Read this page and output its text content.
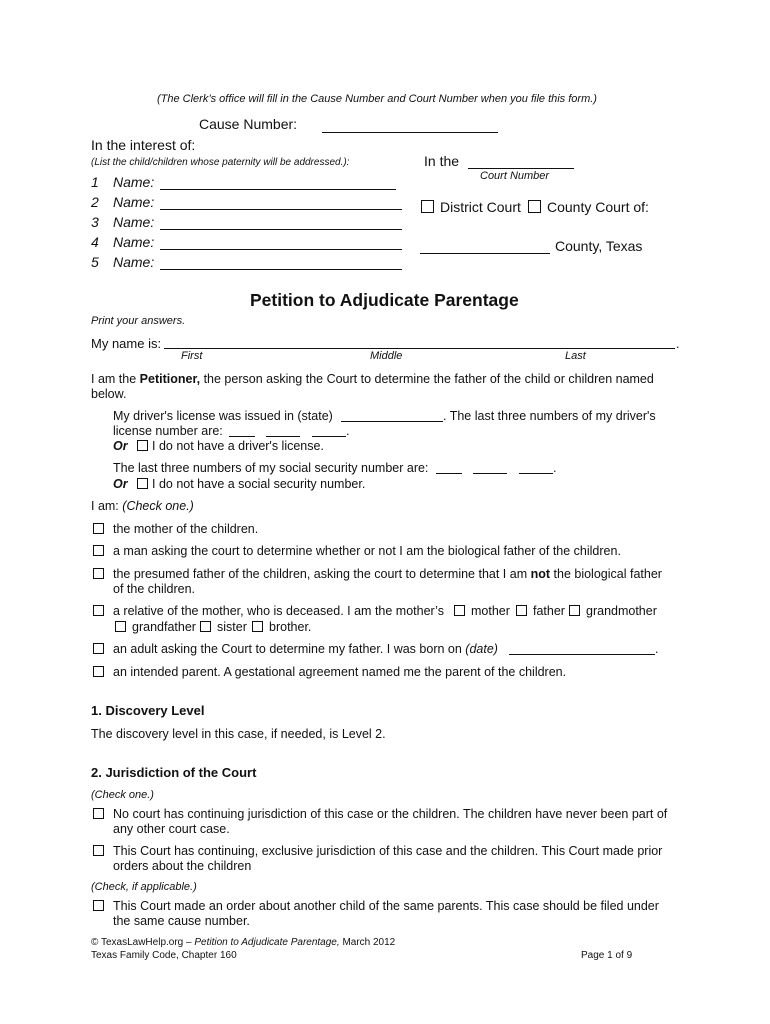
(The Clerk’s office will fill in the Cause Number and Court Number when you file this form.)
Cause Number:
In the interest of:
(List the child/children whose paternity will be addressed.):
1 Name:
2 Name:
3 Name:
4 Name:
5 Name:
In the
Court Number
District Court County Court of:
County, Texas
Petition to Adjudicate Parentage
Print your answers.
My name is:	.
First	Middle	Last
I am the Petitioner, the person asking the Court to determine the father of the child or children named
below.
My driver's license was issued in (state)	. The last three numbers of my driver's
license number are:	.
Or I do not have a driver's license.
The last three numbers of my social security number are:	.
Or I do not have a social security number.
I am: (Check one.)
the mother of the children.
a man asking the court to determine whether or not I am the biological father of the children.
the presumed father of the children, asking the court to determine that I am not the biological father
of the children.
a relative of the mother, who is deceased. I am the mother’s mother father grandmother
grandfather sister brother.
an adult asking the Court to determine my father. I was born on (date)	.
an intended parent. A gestational agreement named me the parent of the children.
1. Discovery Level
The discovery level in this case, if needed, is Level 2.
2. Jurisdiction of the Court
(Check one.)
No court has continuing jurisdiction of this case or the children. The children have never been part of
any other court case.
This Court has continuing, exclusive jurisdiction of this case and the children. This Court made prior
orders about the children
(Check, if applicable.)
This Court made an order about another child of the same parents. This case should be filed under
the same cause number.
© TexasLawHelp.org – Petition to Adjudicate Parentage, March 2012
Texas Family Code, Chapter 160	Page 1 of 9
